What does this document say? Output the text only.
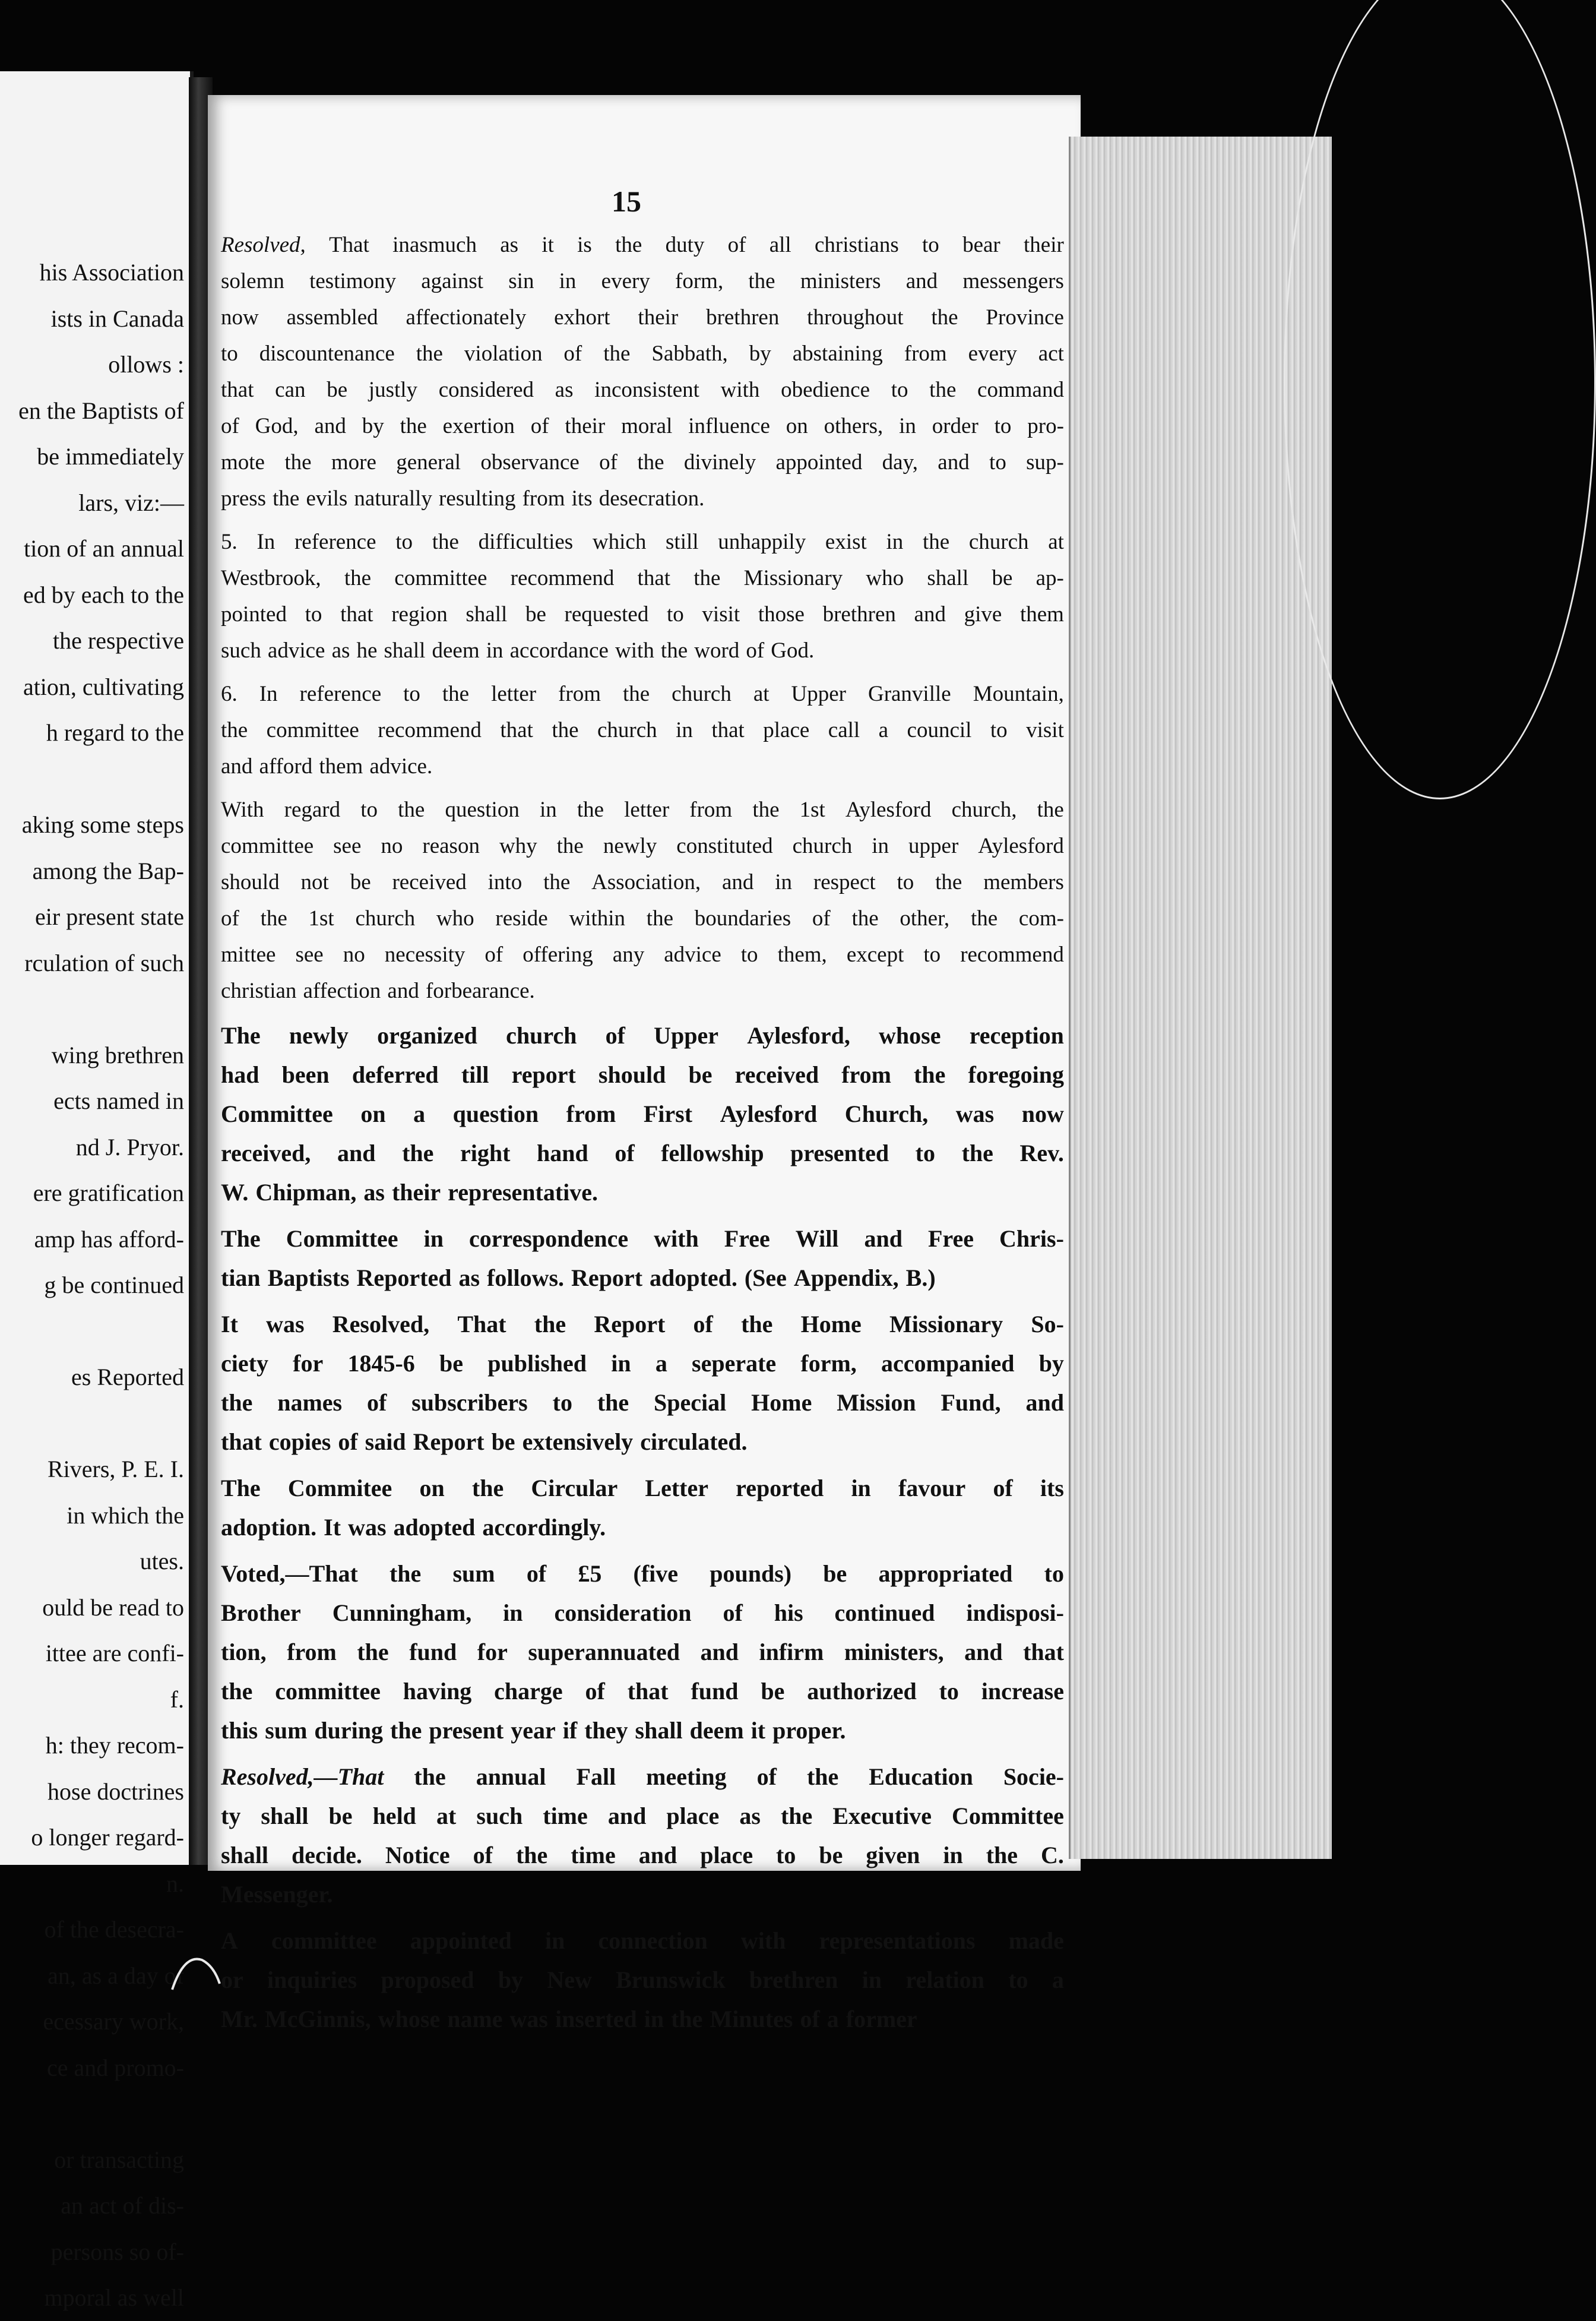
his Association
ists in Canada
ollows :
en the Baptists of
be immediately
lars, viz:—
tion of an annual
ed by each to the
the respective
ation, cultivating
h regard to the
aking some steps
among the Bap-
eir present state
rculation of such
wing brethren
ects named in
nd J. Pryor.
ere gratification
amp has afford-
g be continued
es Reported
Rivers, P. E. I.
in which the
utes.
ould be read to
ittee are confi-
f.
h: they recom-
hose doctrines
o longer regard-
n.
of the desecra-
an, as a day of
ecessary work,
ce and promo-
or transacting
an act of dis-
persons so of-
mporal as well
15
Resolved, That inasmuch as it is the duty of all christians to bear their
solemn testimony against sin in every form, the ministers and messengers
now assembled affectionately exhort their brethren throughout the Province
to discountenance the violation of the Sabbath, by abstaining from every act
that can be justly considered as inconsistent with obedience to the command
of God, and by the exertion of their moral influence on others, in order to pro-
mote the more general observance of the divinely appointed day, and to sup-
press the evils naturally resulting from its desecration.
5. In reference to the difficulties which still unhappily exist in the church at
Westbrook, the committee recommend that the Missionary who shall be ap-
pointed to that region shall be requested to visit those brethren and give them
such advice as he shall deem in accordance with the word of God.
6. In reference to the letter from the church at Upper Granville Mountain,
the committee recommend that the church in that place call a council to visit
and afford them advice.
With regard to the question in the letter from the 1st Aylesford church, the
committee see no reason why the newly constituted church in upper Aylesford
should not be received into the Association, and in respect to the members
of the 1st church who reside within the boundaries of the other, the com-
mittee see no necessity of offering any advice to them, except to recommend
christian affection and forbearance.
The newly organized church of Upper Aylesford, whose reception
had been deferred till report should be received from the foregoing
Committee on a question from First Aylesford Church, was now
received, and the right hand of fellowship presented to the Rev.
W. Chipman, as their representative.
The Committee in correspondence with Free Will and Free Chris-
tian Baptists Reported as follows. Report adopted. (See Appendix, B.)
It was Resolved, That the Report of the Home Missionary So-
ciety for 1845-6 be published in a seperate form, accompanied by
the names of subscribers to the Special Home Mission Fund, and
that copies of said Report be extensively circulated.
The Commitee on the Circular Letter reported in favour of its
adoption. It was adopted accordingly.
Voted,—That the sum of £5 (five pounds) be appropriated to
Brother Cunningham, in consideration of his continued indisposi-
tion, from the fund for superannuated and infirm ministers, and that
the committee having charge of that fund be authorized to increase
this sum during the present year if they shall deem it proper.
Resolved,—That the annual Fall meeting of the Education Socie-
ty shall be held at such time and place as the Executive Committee
shall decide. Notice of the time and place to be given in the C.
Messenger.
A committee appointed in connection with representations made
or inquiries proposed by New Brunswick brethren in relation to a
Mr. McGinnis, whose name was inserted in the Minutes of a former
